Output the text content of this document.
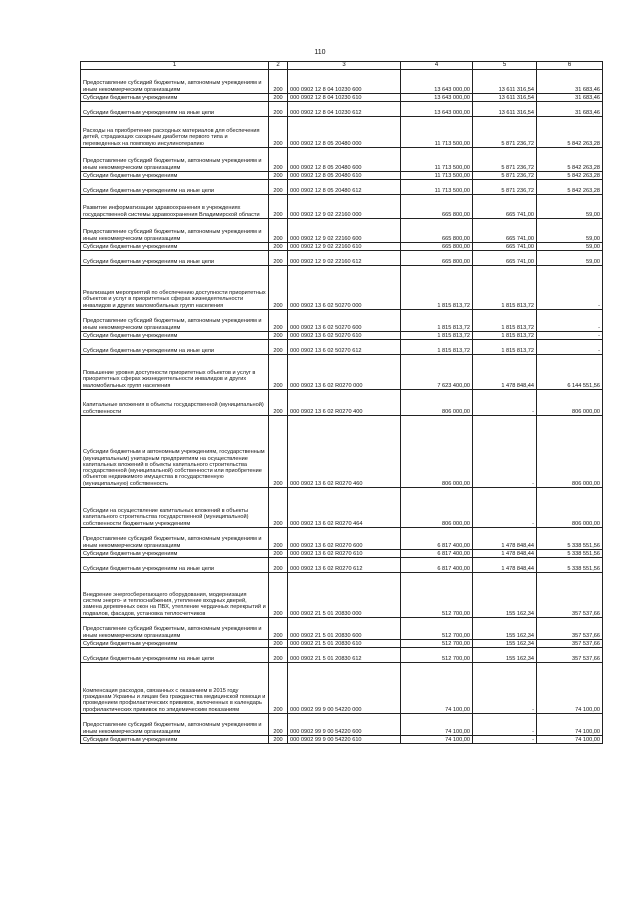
110
1	2	3	4	5	6
Предоставление субсидий бюджетным, автономным учреждениям и иным некоммерческим организациям	200	000 0902 12 8 04 10230 600	13 643 000,00	13 611 316,54	31 683,46
Субсидии бюджетным учреждениям	200	000 0902 12 8 04 10230 610	13 643 000,00	13 611 316,54	31 683,46
Субсидии бюджетным учреждениям на иные цели	200	000 0902 12 8 04 10230 612	13 643 000,00	13 611 316,54	31 683,46
Расходы на приобретение расходных материалов для обеспечения детей, страдающих сахарным диабетом первого типа и переведенных на помповую инсулинотерапию	200	000 0902 12 8 05 20480 000	11 713 500,00	5 871 236,72	5 842 263,28
Предоставление субсидий бюджетным, автономным учреждениям и иным некоммерческим организациям	200	000 0902 12 8 05 20480 600	11 713 500,00	5 871 236,72	5 842 263,28
Субсидии бюджетным учреждениям	200	000 0902 12 8 05 20480 610	11 713 500,00	5 871 236,72	5 842 263,28
Субсидии бюджетным учреждениям на иные цели	200	000 0902 12 8 05 20480 612	11 713 500,00	5 871 236,72	5 842 263,28
Развитие информатизации здравоохранения в учреждениях государственной системы здравоохранения Владимирской области	200	000 0902 12 9 02 22160 000	665 800,00	665 741,00	59,00
Предоставление субсидий бюджетным, автономным учреждениям и иным некоммерческим организациям	200	000 0902 12 9 02 22160 600	665 800,00	665 741,00	59,00
Субсидии бюджетным учреждениям	200	000 0902 12 9 02 22160 610	665 800,00	665 741,00	59,00
Субсидии бюджетным учреждениям на иные цели	200	000 0902 12 9 02 22160 612	665 800,00	665 741,00	59,00
Реализация мероприятий по обеспечению доступности приоритетных объектов и услуг в приоритетных сферах жизнедеятельности инвалидов и других маломобильных групп населения	200	000 0902 13 6 02 50270 000	1 815 813,72	1 815 813,72	-
Предоставление субсидий бюджетным, автономным учреждениям и иным некоммерческим организациям	200	000 0902 13 6 02 50270 600	1 815 813,72	1 815 813,72	-
Субсидии бюджетным учреждениям	200	000 0902 13 6 02 50270 610	1 815 813,72	1 815 813,72	-
Субсидии бюджетным учреждениям на иные цели	200	000 0902 13 6 02 50270 612	1 815 813,72	1 815 813,72	-
Повышение уровня доступности приоритетных объектов и услуг в приоритетных сферах жизнедеятельности инвалидов и других маломобильных групп населения	200	000 0902 13 6 02 R0270 000	7 623 400,00	1 478 848,44	6 144 551,56
Капитальные вложения в объекты государственной (муниципальной) собственности	200	000 0902 13 6 02 R0270 400	806 000,00	-	806 000,00
Субсидии бюджетным и автономным учреждениям, государственным (муниципальным) унитарным предприятиям на осуществление капитальных вложений в объекты капитального строительства государственной (муниципальной) собственности или приобретение объектов недвижимого имущества в государственную (муниципальную) собственность	200	000 0902 13 6 02 R0270 460	806 000,00	-	806 000,00
Субсидии на осуществление капитальных вложений в объекты капитального строительства государственной (муниципальной) собственности бюджетным учреждениям	200	000 0902 13 6 02 R0270 464	806 000,00	-	806 000,00
Предоставление субсидий бюджетным, автономным учреждениям и иным некоммерческим организациям	200	000 0902 13 6 02 R0270 600	6 817 400,00	1 478 848,44	5 338 551,56
Субсидии бюджетным учреждениям	200	000 0902 13 6 02 R0270 610	6 817 400,00	1 478 848,44	5 338 551,56
Субсидии бюджетным учреждениям на иные цели	200	000 0902 13 6 02 R0270 612	6 817 400,00	1 478 848,44	5 338 551,56
Внедрение энергосберегающего оборудования, модернизация систем энерго- и теплоснабжения, утепление входных дверей, замена деревянных окон на ПВХ, утепление чердачных перекрытий и подвалов, фасадов, установка теплосчетчиков	200	000 0902 21 5 01 20830 000	512 700,00	155 162,34	357 537,66
Предоставление субсидий бюджетным, автономным учреждениям и иным некоммерческим организациям	200	000 0902 21 5 01 20830 600	512 700,00	155 162,34	357 537,66
Субсидии бюджетным учреждениям	200	000 0902 21 5 01 20830 610	512 700,00	155 162,34	357 537,66
Субсидии бюджетным учреждениям на иные цели	200	000 0902 21 5 01 20830 612	512 700,00	155 162,34	357 537,66
Компенсация расходов, связанных с оказанием в 2015 году гражданам Украины и лицам без гражданства медицинской помощи и проведением профилактических прививок, включенных в календарь профилактических прививок по эпидемическим показаниям	200	000 0902 99 9 00 54220 000	74 100,00	-	74 100,00
Предоставление субсидий бюджетным, автономным учреждениям и иным некоммерческим организациям	200	000 0902 99 9 00 54220 600	74 100,00	-	74 100,00
Субсидии бюджетным учреждениям	200	000 0902 99 9 00 54220 610	74 100,00	-	74 100,00
